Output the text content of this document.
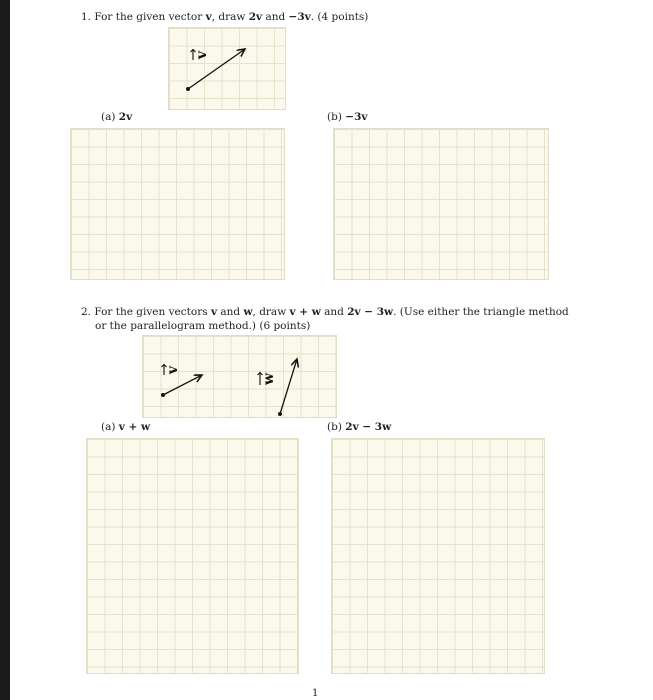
1. For the given vector v, draw 2v and −3v. (4 points)
v
(a) 2v	(b) −3v
2. For the given vectors v and w, draw v + w and 2v − 3w. (Use either the triangle method
or the parallelogram method.) (6 points)
v
w
(a) v + w	(b) 2v − 3w
1
